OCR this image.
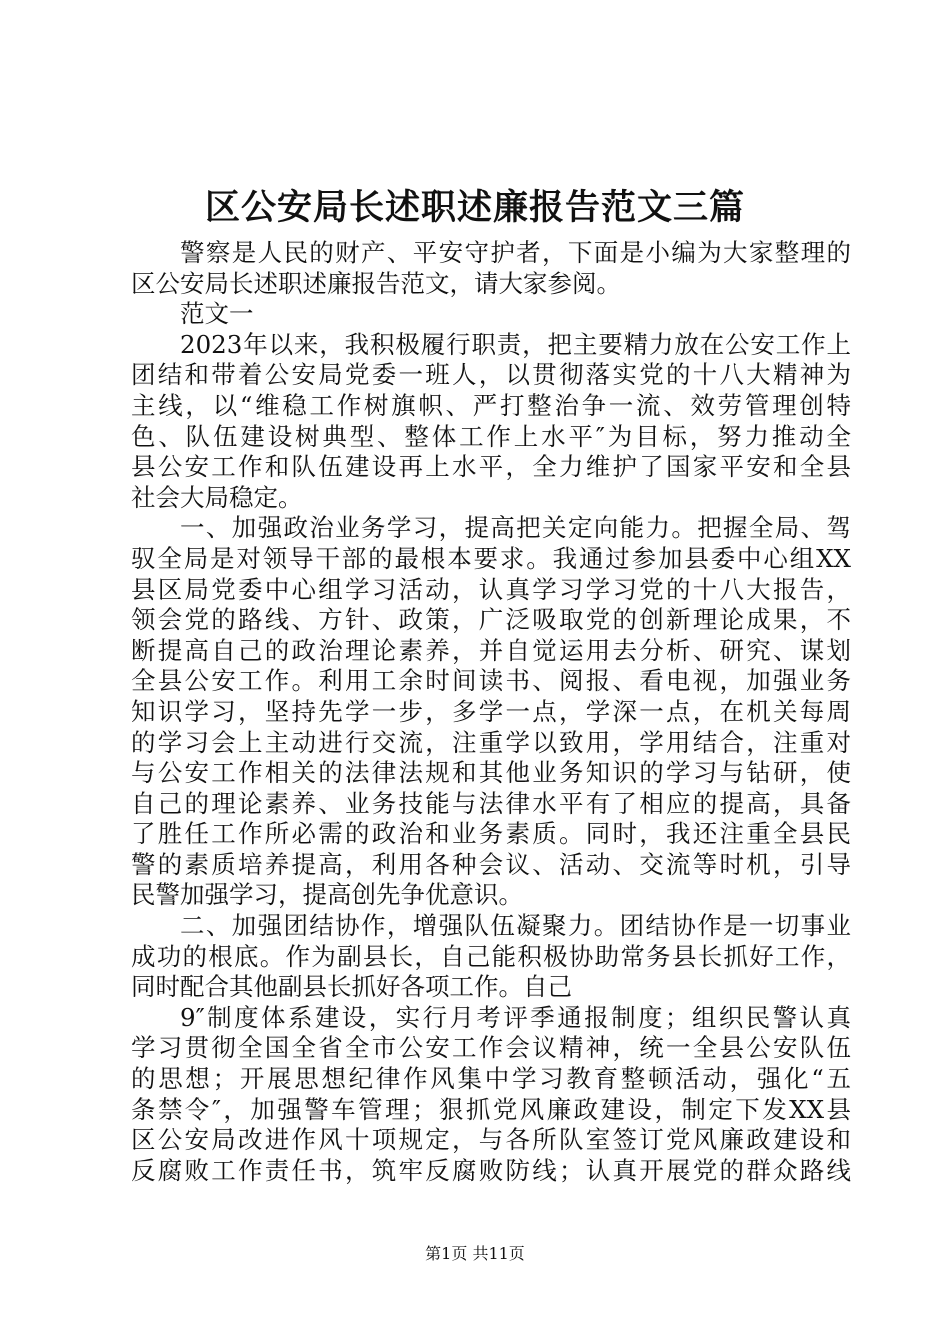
区公安局长述职述廉报告范文三篇
警察是人民的财产、平安守护者，下面是小编为大家整理的
区公安局长述职述廉报告范文，请大家参阅。
范文一
2023年以来，我积极履行职责，把主要精力放在公安工作上
团结和带着公安局党委一班人，以贯彻落实党的十八大精神为
主线，以“维稳工作树旗帜、严打整治争一流、效劳管理创特
色、队伍建设树典型、整体工作上水平″为目标，努力推动全
县公安工作和队伍建设再上水平，全力维护了国家平安和全县
社会大局稳定。
一、加强政治业务学习，提高把关定向能力。把握全局、驾
驭全局是对领导干部的最根本要求。我通过参加县委中心组XX
县区局党委中心组学习活动，认真学习学习党的十八大报告，
领会党的路线、方针、政策，广泛吸取党的创新理论成果，不
断提高自己的政治理论素养，并自觉运用去分析、研究、谋划
全县公安工作。利用工余时间读书、阅报、看电视，加强业务
知识学习，坚持先学一步，多学一点，学深一点，在机关每周
的学习会上主动进行交流，注重学以致用，学用结合，注重对
与公安工作相关的法律法规和其他业务知识的学习与钻研，使
自己的理论素养、业务技能与法律水平有了相应的提高，具备
了胜任工作所必需的政治和业务素质。同时，我还注重全县民
警的素质培养提高，利用各种会议、活动、交流等时机，引导
民警加强学习，提高创先争优意识。
二、加强团结协作，增强队伍凝聚力。团结协作是一切事业
成功的根底。作为副县长，自己能积极协助常务县长抓好工作，
同时配合其他副县长抓好各项工作。自己
9″制度体系建设，实行月考评季通报制度；组织民警认真
学习贯彻全国全省全市公安工作会议精神，统一全县公安队伍
的思想；开展思想纪律作风集中学习教育整顿活动，强化“五
条禁令″，加强警车管理；狠抓党风廉政建设，制定下发XX县
区公安局改进作风十项规定，与各所队室签订党风廉政建设和
反腐败工作责任书，筑牢反腐败防线；认真开展党的群众路线
第1页 共11页
